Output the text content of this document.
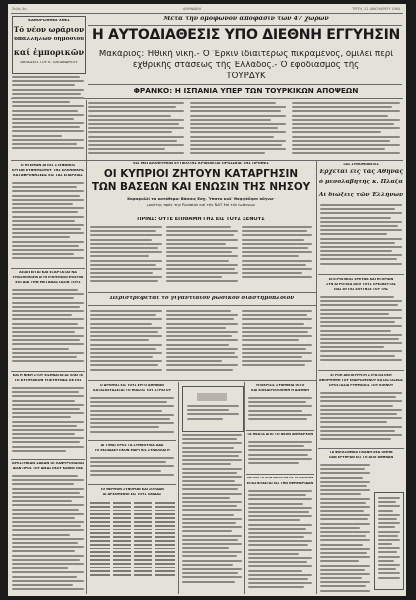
Σελίς 4η	ΑΘΗΝΑΪΚΗ	ΤΡΙΤΗ, 21 ΙΑΝΟΥΑΡΙΟΥ 1964
ΚΑΘΟΡΙΣΘΗΚΕ ΧΘΕΣ
Τό νέον ωράριον
ὑπαλλήλων δημοσίου
καί ἐμπορικῶν
ΔΗΛΩΣΕΙΣ ΤΟΥ Κ. ΠΑΠΑΝΔΡΕΟΥ
Μετά τήν ὁμόφωνον ἀπόφασιν τῶν 47 χωρῶν
Η ΑΥΤΟΔΙΑΘΕΣΙΣ ΥΠΟ ΔΙΕΘΝΗ ΕΓΓΥΗΣΙΝ
Μακάριος: Ἠθική νίκη.- Ὁ Ἔρκιν ἰδιαιτέρως πικραμένος, ὁμιλεῖ περί
ἐχθρικῆς στάσεως τῆς Ἑλλάδος.- Ὁ ἐφοδιασμός τῆς
ΤΟΥΡΔΥΚ
ΦΡΑΝΚΟ: Η ΙΣΠΑΝΙΑ ΥΠΕΡ ΤΩΝ ΤΟΥΡΚΙΚΩΝ ΑΠΟΨΕΩΝ
Ο ΗΓΕΜΩΝ ΑΓΙΟΣ ΣΤΕΦΑΝΟΣ
ΕΡΓΩΝ ΕΥΦΗΜΙΣΜΟΥ ΤΗΣ ΕΛΛΗΝΙΚΗΣ
ΚΑΤΑΦΡΟΝΗΣΕΩΣ ΕΙΣ ΤΑΣ ΕΠΑΡΧΙΑΣ
ΑΠΑΙΤΕΙΤΑΙ ΚΑΙ ΕΞΑΡΤΑΤΑΙ ΝΑ
ΣΥΝΑΣΠΙΣΘΩΣΙΝ ΔΙ ΤΟ ΕΞΩΤΕΡΙΚΟΝ ΕΠΑΣΤΟΝ
ΕΠΙ ΔΙΑ ΤΗΝ ΜΕΤΑΝΑΣΤΑΣΙΝ ΤΟΥΣ
ΚΑΙ Η ΝΙΚΗ ΣΤΟΥ ΕΙΣΗΝΑΓΩΓΑΣ ΕΛΕΓΞΕ
ΤΟ ΚΥΠΡΙΑΚΟΝ ΥΠΕΥΘΥΝΩΣ ΕΚΤΟΣ
ΑΡΕΣΤΗΚΑΝ ΣΑΚΑΝ ΟΙ ΛΑΦΥΡΟΠΩΛΑΙ
ΔΙΑΝ ΠΡΟΣ ΤΟΥ ΔΙΚΑΣΤΙΚΟΥ ΚΑΘΕΝ ΠΑΚ
ΕΙΣ ΜΕΓΑΛΟΘΥΜΟΝ ΕΥΤΙΚΟΤΗΣ ΚΡΙΝΟΝΤΑΙ ΠΡΟΣΩΠΑ ΤΗΣ ΠΡΟΘΕΣ
ΟΙ ΚΥΠΡΙΟΙ ΖΗΤΟΥΝ ΚΑΤΑΡΓΗΣΙΝ
ΤΩΝ ΒΑΣΕΩΝ ΚΑΙ ΕΝΩΣΙΝ ΤΗΣ ΝΗΣΟΥ
Καραφυλλί το κατάθεμα: Βόσσις Εσχ. Ὑπατο κολ' Θοφγόδησε οὔγνω-
μονίτης πρός τήν Ρωσσίαν καί τήν ΝΑΤ ἐπί τήν Ιωάννων
ΠΡΙΝΣ: ΟΥΤΕ ΕΠΙΘΑΜΗ ΓΗΣ ΕΙΣ ΤΟΥΣ ΞΕΝΟΥΣ
Περιστρέφεται τό γιγαντιαίον ρωσικόν διαστημόπλοιον
ΞΑΣ ΣΥΝΟΜΙΑΝΤΕΣ
Ἐρχεται εἰς τάς Ἀθήνας
ὁ μεσολαβητής κ. Πλαζα
Αἱ διώξεις τῶν Ἑλλήνων
ΕΠΙΤΡΟΠΙΚΟΣ ΕΡΕΥΝΑ ΚΑΤΗΓΟΡΙΩΝ
ΣΥΝ ΑΓΡΟΤΙΚΑ ΑΠΟ ΤΟΥΣ ΠΡΕΣΒΕΥΤΑΣ
ΠΩΣ ΑΥΤΟΣ ΕΛΥΤΗΣΕ ΤΟΥ ΤΗΣ
ΕΙ ΡΟΗ ΑΝΤΙΚΥΡΗΤΗ ΣΤΡΑΤΙΩΤΙΚΗ
ΑΦΟΡΜΗΘΗ ΤΟΥ ΕΝΩΡΙΣΜΕΝΟΥ ΚΑΤΑΣΤΑΣΕΩΣ
ΠΡΟΣΤΑΣΙΑ ΡΥΘΜΙΣΕΙΣ ΤΟΥ ΚΟΙΝΟΥ
ΤΑ ΦΙΛΟΣΟΦΙΚΑ ΠΛΑΝΗΤΙΚΑ ΟΜΗΝ
ΠΑΝ ΕΡΥΘΡΑΝ ΕΙΣ ΤΟ ΑΠΟ ΑΘΗΝΑΝ
Ο ΔΡΟΜΟΣ ΕΙΣ ΤΟΥΣ ΕΡΓΟ ΑΘΗΝΩΝ
ΚΑΤΑΣΚΕΥΑΖΕΤΑΙ ΤΟ ΘΙΑΣΟΣ ΤΟΥ ΣΤΡΑΤΟΥ
ΑΙ ΤΙΜΑΙ ΠΡΟΣ ΤΑ ΣΥΜΒΟΥΛΙΑ ΑΔΑ
ΤΟ ΕΚΠΑΙΔΕΥΤΙΚΟΝ ΜΑΡΤΙΟΣ ΣΥΝΑΛΛΑΓΗ
ΤΟ ΘΕΡΜΟΝ ΣΥΝΟΡΩΝ ΚΑΙ ΣΟΥΔΑΝ
ΑΙ ΑΡΧΟΜΕΝΟΙ ΕΙΣ ΤΟΥΣ ΠΑΙΔΑΣ
ΥΠΟΚΡΙΣΙΣ ΣΥΝΗΘΕΙΑ ΟΙΤΟ
ΚΑΙ ΕΠΙΚΑΙΡΟΠΟΙΗΘΗ Η ΔΙΕΘΝΗ
ΤΑ ΘΕΑΤΑ ΑΠΟ ΤΟ ΝΕΟΝ ΔΗΜΑΡΧΟΝ
ΑΝΤΑΠΟ ΤΟ ΠΡΙΝ ΚΟΜΗΤΟΝ ΕΙΣ ΤΟ ΟΧΙΣΜΟΝ
ΕΠΙΣΠΕΥΔΕΤΑΙ ΕΙΣ ΤΗΝ ΕΦΗΜΕΡΙΔΑΝ
